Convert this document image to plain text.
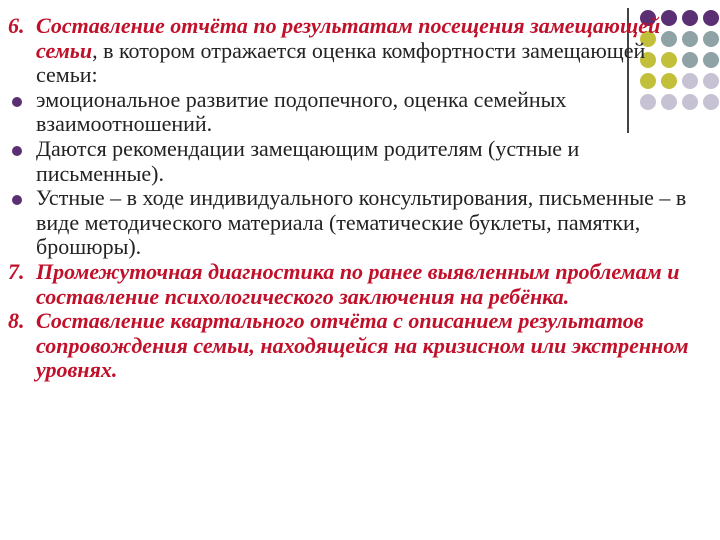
6. Составление отчёта по результатам посещения замещающей семьи, в котором отражается оценка комфортности замещающей семьи:
эмоциональное развитие подопечного, оценка семейных взаимоотношений.
Даются рекомендации замещающим родителям (устные и письменные).
Устные – в ходе индивидуального консультирования, письменные – в виде методического материала (тематические буклеты, памятки, брошюры).
7. Промежуточная диагностика по ранее выявленным проблемам и составление психологического заключения на ребёнка.
8. Составление квартального отчёта с описанием результатов сопровождения семьи, находящейся на кризисном или экстренном уровнях.
